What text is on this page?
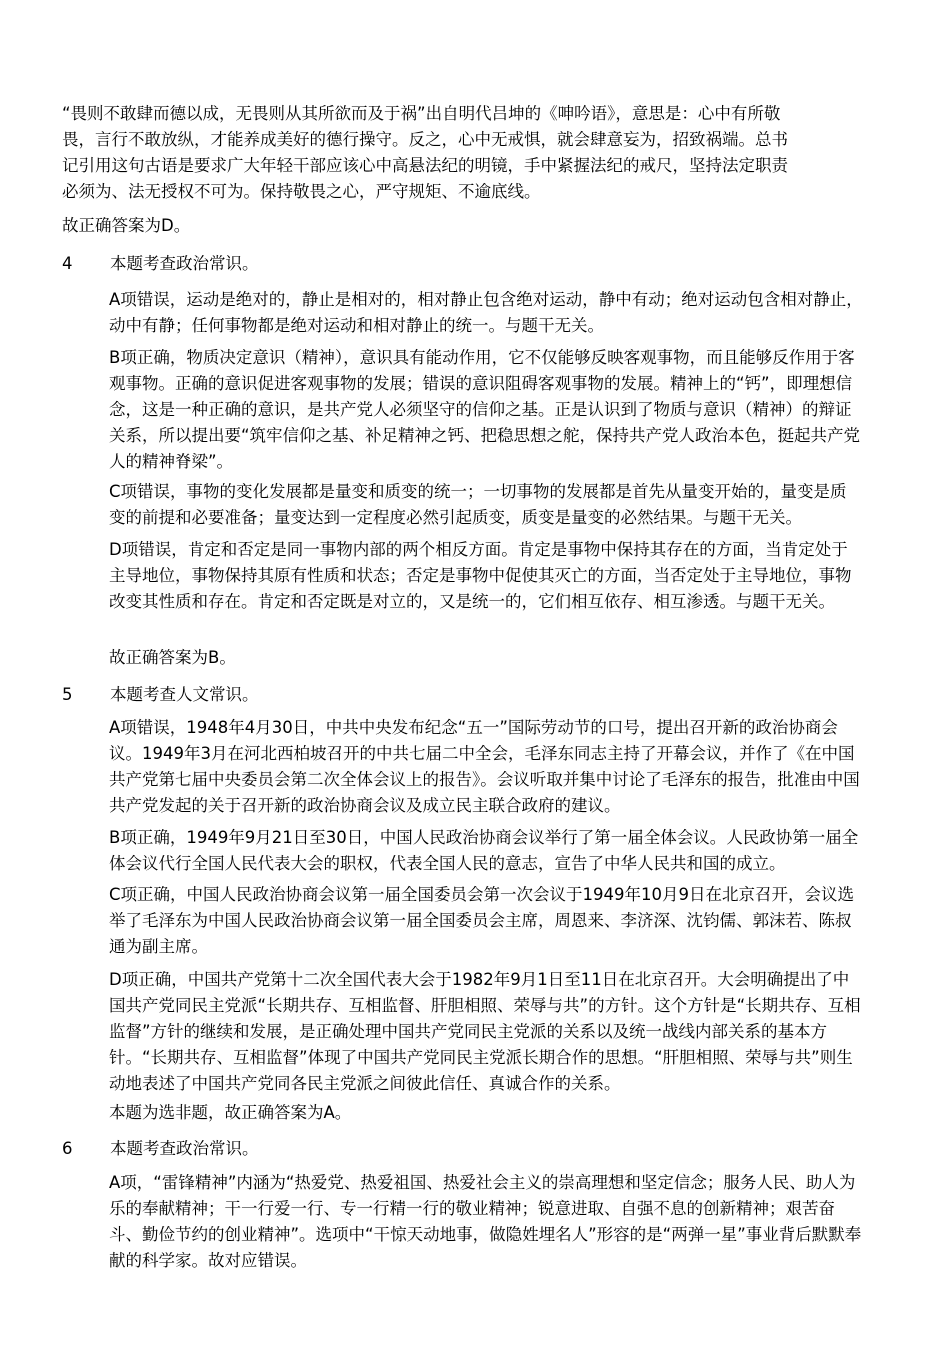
“畏则不敢肆而德以成，无畏则从其所欲而及于祸”出自明代吕坤的《呻吟语》，意思是：心中有所敬畏，言行不敢放纵，才能养成美好的德行操守。反之，心中无戒惧，就会肆意妄为，招致祸端。总书记引用这句古语是要求广大年轻干部应该心中高悬法纪的明镜，手中紧握法纪的戒尺，坚持法定职责必须为、法无授权不可为。保持敬畏之心，严守规矩、不逾底线。

故正确答案为D。

4	本题考查政治常识。

A项错误，运动是绝对的，静止是相对的，相对静止包含绝对运动，静中有动；绝对运动包含相对静止，动中有静；任何事物都是绝对运动和相对静止的统一。与题干无关。

B项正确，物质决定意识（精神），意识具有能动作用，它不仅能够反映客观事物，而且能够反作用于客观事物。正确的意识促进客观事物的发展；错误的意识阻碍客观事物的发展。精神上的“钙”，即理想信念，这是一种正确的意识，是共产党人必须坚守的信仰之基。正是认识到了物质与意识（精神）的辩证关系，所以提出要“筑牢信仰之基、补足精神之钙、把稳思想之舵，保持共产党人政治本色，挺起共产党人的精神脊梁”。

C项错误，事物的变化发展都是量变和质变的统一；一切事物的发展都是首先从量变开始的，量变是质变的前提和必要准备；量变达到一定程度必然引起质变，质变是量变的必然结果。与题干无关。

D项错误，肯定和否定是同一事物内部的两个相反方面。肯定是事物中保持其存在的方面，当肯定处于主导地位，事物保持其原有性质和状态；否定是事物中促使其灭亡的方面，当否定处于主导地位，事物改变其性质和存在。肯定和否定既是对立的，又是统一的，它们相互依存、相互渗透。与题干无关。

故正确答案为B。

5	本题考查人文常识。

A项错误，1948年4月30日，中共中央发布纪念“五一”国际劳动节的口号，提出召开新的政治协商会议。1949年3月在河北西柏坡召开的中共七届二中全会，毛泽东同志主持了开幕会议，并作了《在中国共产党第七届中央委员会第二次全体会议上的报告》。会议听取并集中讨论了毛泽东的报告，批准由中国共产党发起的关于召开新的政治协商会议及成立民主联合政府的建议。

B项正确，1949年9月21日至30日，中国人民政治协商会议举行了第一届全体会议。人民政协第一届全体会议代行全国人民代表大会的职权，代表全国人民的意志，宣告了中华人民共和国的成立。

C项正确，中国人民政治协商会议第一届全国委员会第一次会议于1949年10月9日在北京召开，会议选举了毛泽东为中国人民政治协商会议第一届全国委员会主席，周恩来、李济深、沈钧儒、郭沫若、陈叔通为副主席。

D项正确，中国共产党第十二次全国代表大会于1982年9月1日至11日在北京召开。大会明确提出了中国共产党同民主党派“长期共存、互相监督、肝胆相照、荣辱与共”的方针。这个方针是“长期共存、互相监督”方针的继续和发展，是正确处理中国共产党同民主党派的关系以及统一战线内部关系的基本方针。“长期共存、互相监督”体现了中国共产党同民主党派长期合作的思想。“肝胆相照、荣辱与共”则生动地表述了中国共产党同各民主党派之间彼此信任、真诚合作的关系。

本题为选非题，故正确答案为A。

6	本题考查政治常识。

A项，“雷锋精神”内涵为“热爱党、热爱祖国、热爱社会主义的崇高理想和坚定信念；服务人民、助人为乐的奉献精神；干一行爱一行、专一行精一行的敬业精神；锐意进取、自强不息的创新精神；艰苦奋斗、勤俭节约的创业精神”。选项中“干惊天动地事，做隐姓埋名人”形容的是“两弹一星”事业背后默默奉献的科学家。故对应错误。
